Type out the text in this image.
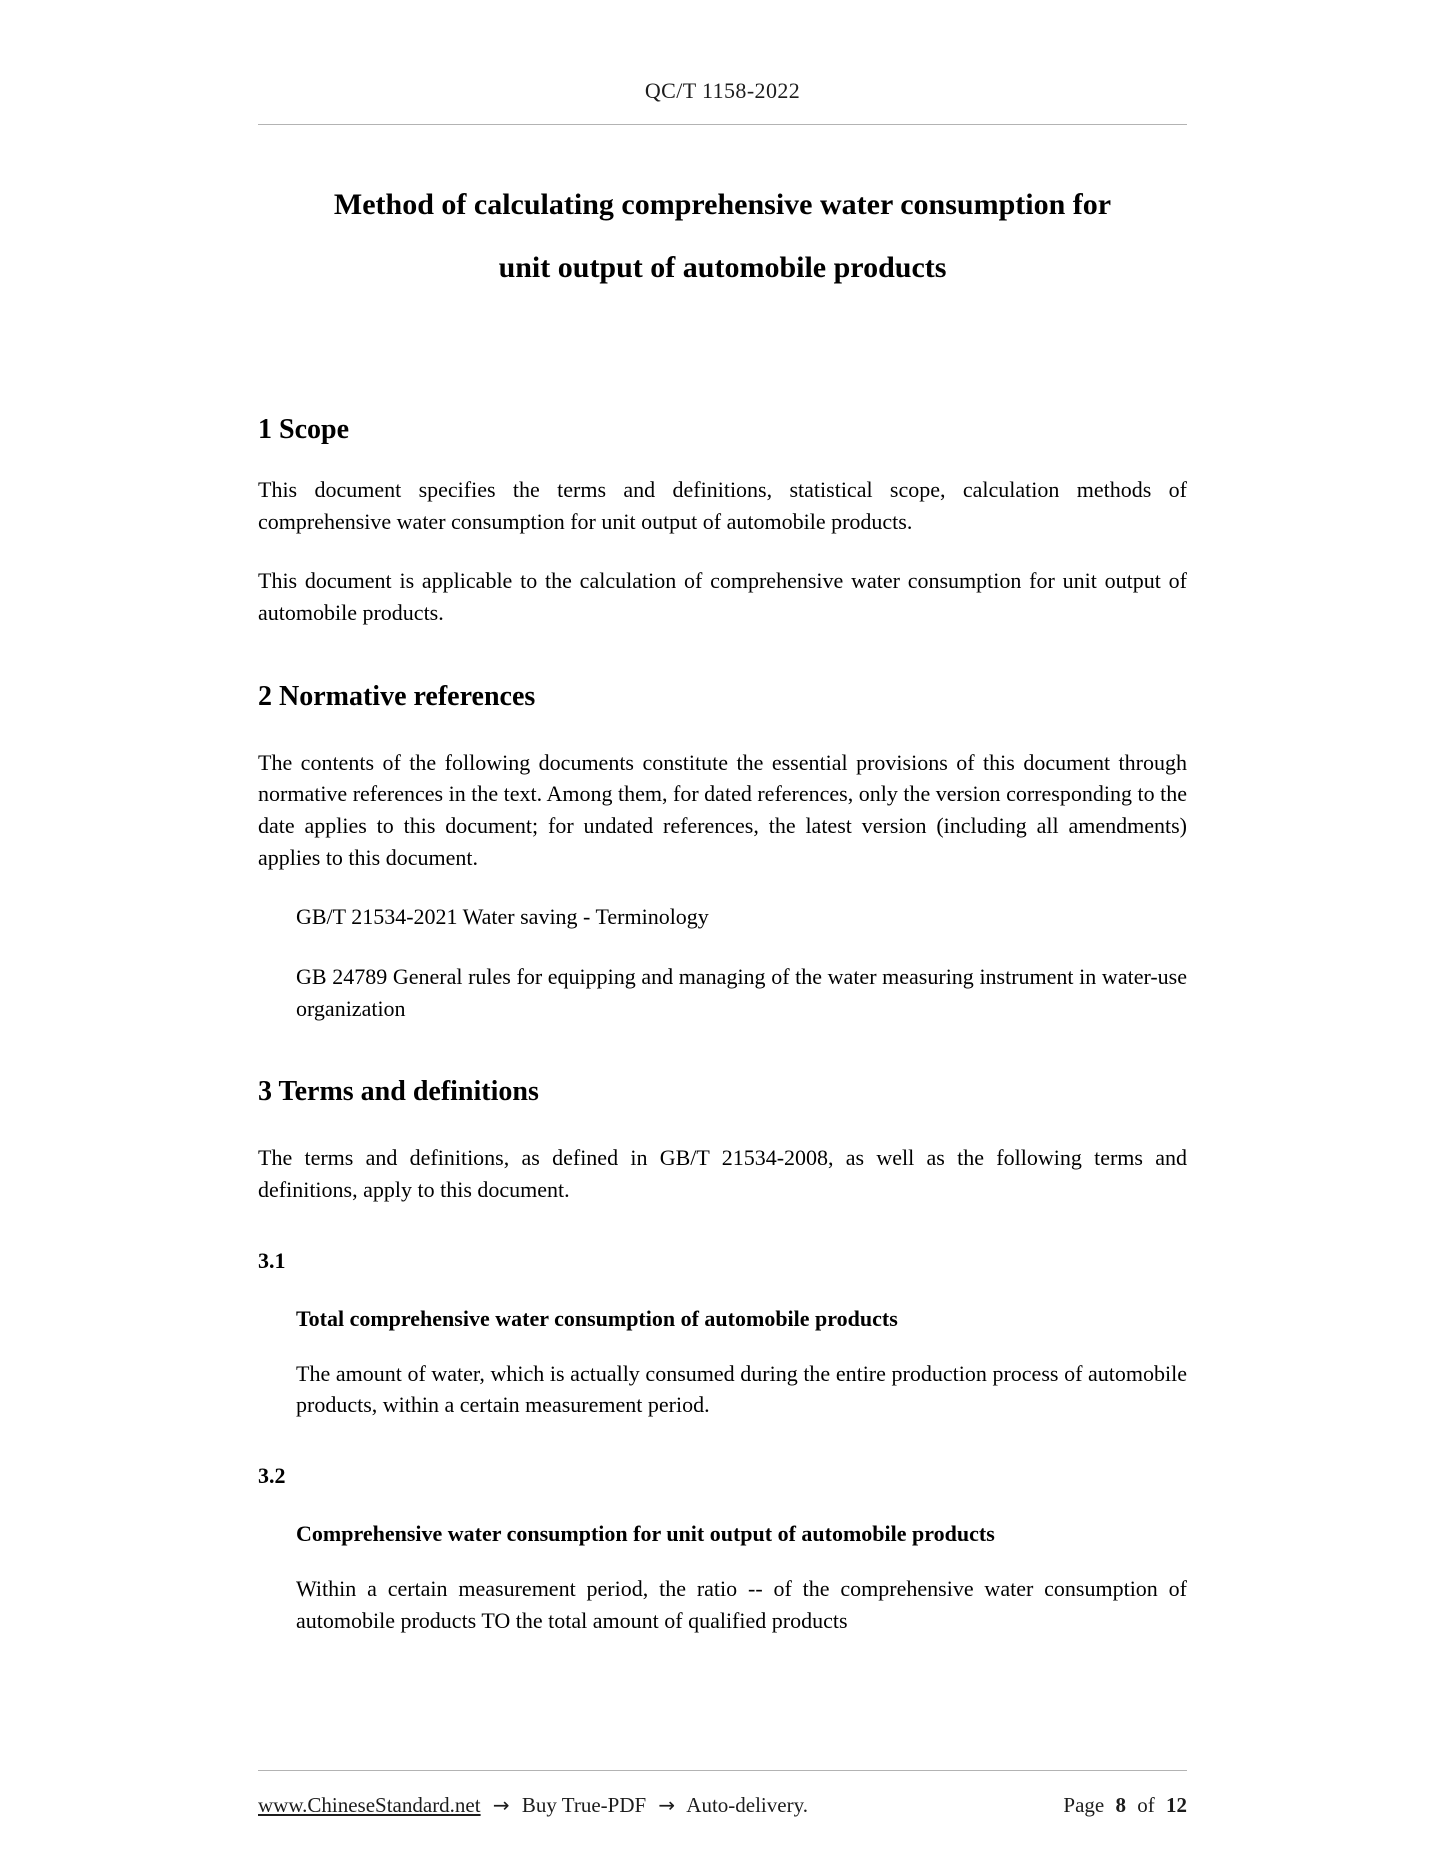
QC/T 1158-2022
Method of calculating comprehensive water consumption for
unit output of automobile products
1 Scope

This document specifies the terms and definitions, statistical scope, calculation methods of comprehensive water consumption for unit output of automobile products.

This document is applicable to the calculation of comprehensive water consumption for unit output of automobile products.

2 Normative references

The contents of the following documents constitute the essential provisions of this document through normative references in the text. Among them, for dated references, only the version corresponding to the date applies to this document; for undated references, the latest version (including all amendments) applies to this document.

GB/T 21534-2021 Water saving - Terminology

GB 24789 General rules for equipping and managing of the water measuring instrument in water-use organization

3 Terms and definitions

The terms and definitions, as defined in GB/T 21534-2008, as well as the following terms and definitions, apply to this document.

3.1
Total comprehensive water consumption of automobile products

The amount of water, which is actually consumed during the entire production process of automobile products, within a certain measurement period.

3.2
Comprehensive water consumption for unit output of automobile products

Within a certain measurement period, the ratio -- of the comprehensive water consumption of automobile products TO the total amount of qualified products

www.ChineseStandard.net → Buy True-PDF → Auto-delivery.	Page 8 of 12
